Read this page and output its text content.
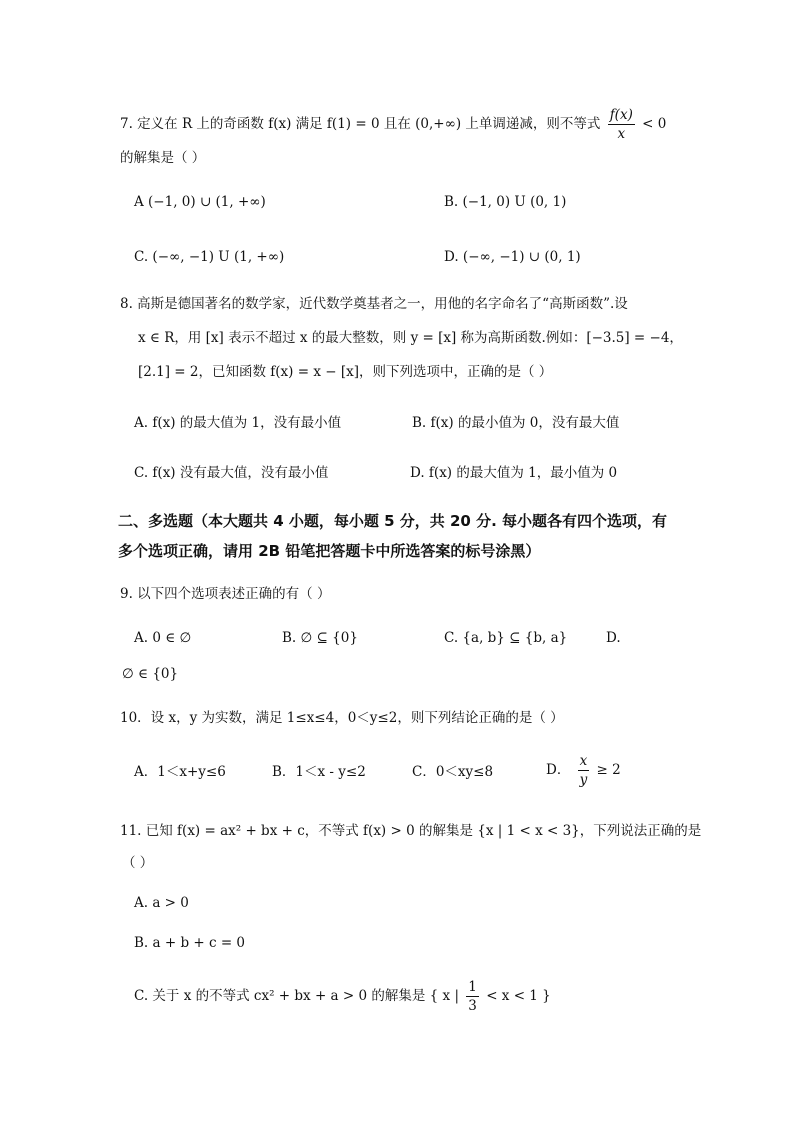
7. 定义在 R 上的奇函数 f(x) 满足 f(1) = 0 且在 (0,+∞) 上单调递减，则不等式 $\frac{f(x)}{x} < 0$
的解集是（ ）
A (−1, 0) ∪ (1, +∞)	B. (−1, 0) U (0, 1)
C. (−∞, −1) U (1, +∞)	D. (−∞, −1) ∪ (0, 1)
8. 高斯是德国著名的数学家，近代数学奠基者之一，用他的名字命名了“高斯函数”.设
x ∈ R，用 [x] 表示不超过 x 的最大整数，则 y = [x] 称为高斯函数.例如：[−3.5] = −4，
[2.1] = 2，已知函数 f(x) = x − [x]，则下列选项中，正确的是（ ）
A. f(x) 的最大值为 1，没有最小值	B. f(x) 的最小值为 0，没有最大值
C. f(x) 没有最大值，没有最小值	D. f(x) 的最大值为 1，最小值为 0
二、多选题（本大题共 4 小题，每小题 5 分，共 20 分. 每小题各有四个选项，有
多个选项正确，请用 2B 铅笔把答题卡中所选答案的标号涂黑）
9. 以下四个选项表述正确的有（ ）
A. 0 ∈ ∅	B. ∅ ⊆ {0}	C. {a, b} ⊆ {b, a}	D.
∅ ∈ {0}
10．设 x，y 为实数，满足 1≤x≤4，0＜y≤2，则下列结论正确的是（ ）
A．1＜x+y≤6	B．1＜x - y≤2	C．0＜xy≤8	D． $\frac{x}{y} \ge 2$
11. 已知 f(x) = ax² + bx + c，不等式 f(x) > 0 的解集是 {x | 1 < x < 3}，下列说法正确的是
（ ）
A. a > 0
B. a + b + c = 0
C. 关于 x 的不等式 cx² + bx + a > 0 的解集是 { x | $\frac{1}{3} < x < 1$ }
